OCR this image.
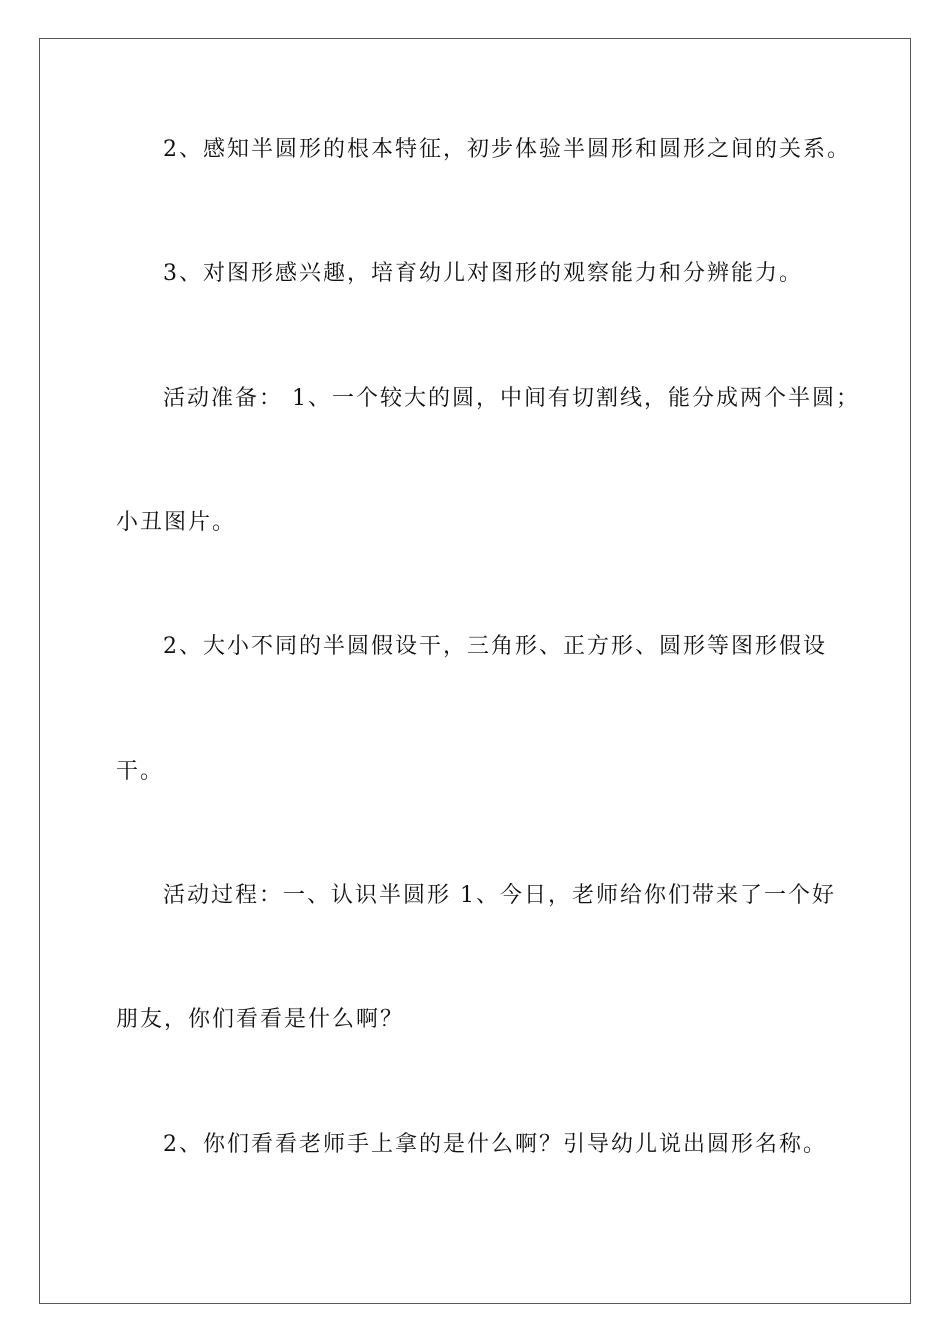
2、感知半圆形的根本特征，初步体验半圆形和圆形之间的关系。
3、对图形感兴趣，培育幼儿对图形的观察能力和分辨能力。
活动准备： 1、一个较大的圆，中间有切割线，能分成两个半圆；
小丑图片。
2、大小不同的半圆假设干，三角形、正方形、圆形等图形假设
干。
活动过程：一、认识半圆形 1、今日，老师给你们带来了一个好
朋友，你们看看是什么啊？
2、你们看看老师手上拿的是什么啊？引导幼儿说出圆形名称。
